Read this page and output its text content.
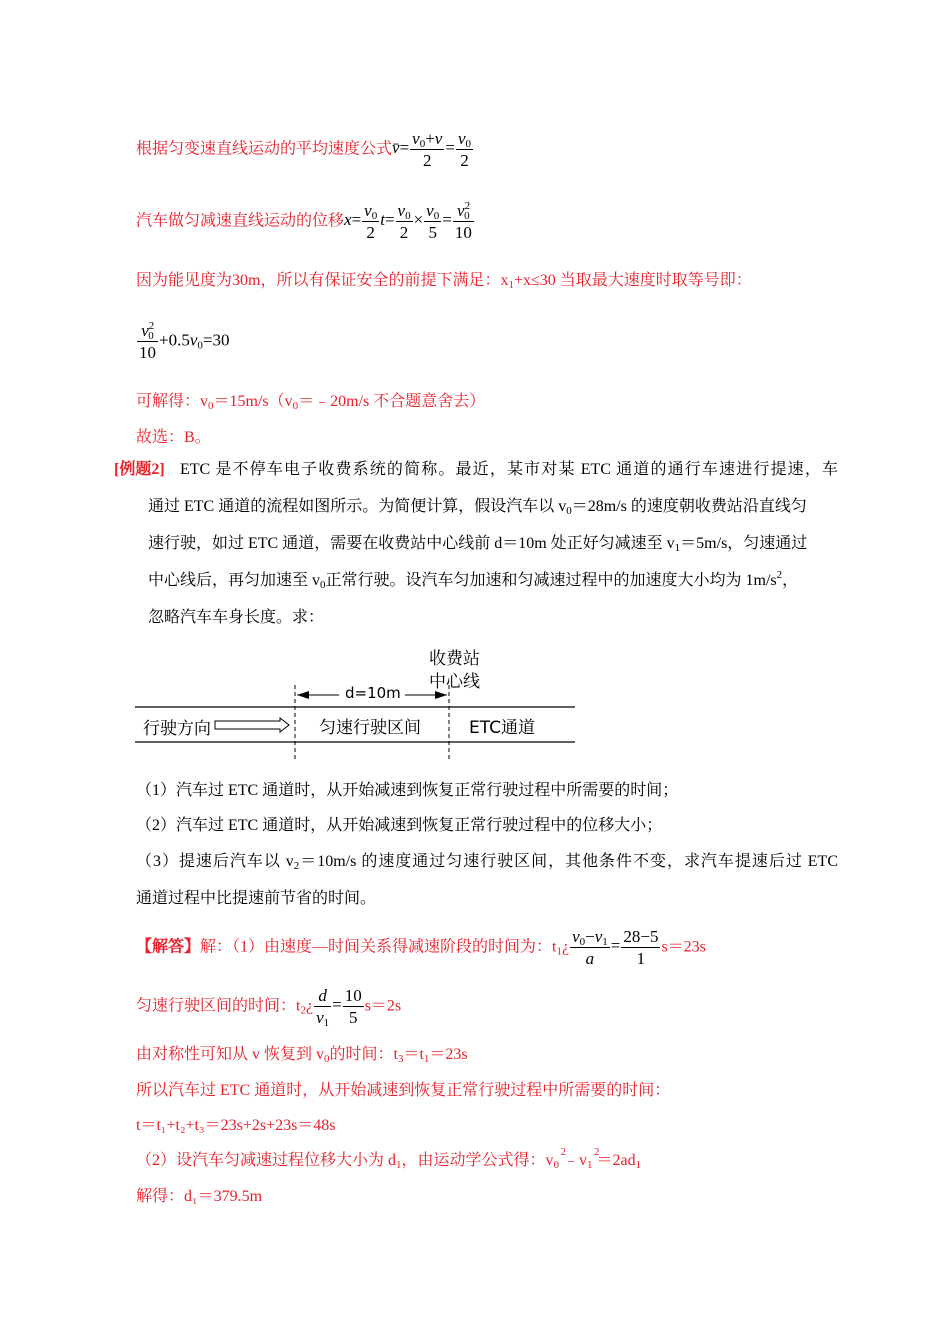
根据匀变速直线运动的平均速度公式v̄= $\frac{v_0+v}{2} = \frac{v_0}{2}$
汽车做匀减速直线运动的位移$x= \frac{v_0}{2} t= \frac{v_0}{2} \times \frac{v_0}{5} = \frac{v^2_0}{10}$
因为能见度为30m，所以有保证安全的前提下满足：$x_1+x\le 30$ 当取最大速度时取等号即：
$\frac{v^2_0}{10} +0.5v_0=30$
可解得：$v_0=15m/s(v_0=﹣20m/s$ 不合题意舍去）
故选：B。
[例题2] ETC 是不停车电子收费系统的简称。最近，某市对某 ETC 通道的通行车速进行提速，车
通过 ETC 通道的流程如图所示。为简便计算，假设汽车以 $v_0=28m/s$ 的速度朝收费站沿直线匀
速行驶，如过 ETC 通道，需要在收费站中心线前 d＝10m 处正好匀减速至 $v_1=5m/s$，匀速通过
中心线后，再匀加速至 $v_0$正常行驶。设汽车匀加速和匀减速过程中的加速度大小均为 $1m/s^2$，
忽略汽车车身长度。求：
收费站
中心线
d=10m
行驶方向	匀速行驶区间	ETC通道
（1）汽车过 ETC 通道时，从开始减速到恢复正常行驶过程中所需要的时间；
（2）汽车过 ETC 通道时，从开始减速到恢复正常行驶过程中的位移大小；
（3）提速后汽车以 $v_2=10m/s$ 的速度通过匀速行驶区间，其他条件不变，求汽车提速后过 ETC
通道过程中比提速前节省的时间。
【解答】解：（1）由速度—时间关系得减速阶段的时间为：$t_1¿ \frac{v_0-v_1}{a} = \frac{28-5}{1} s=23s$
匀速行驶区间的时间：$t_2¿ \frac{d}{v_1} = \frac{10}{5} s=2s$
由对称性可知从 v 恢复到 $v_0$的时间：$t_3=t_1=23s$
所以汽车过 ETC 通道时，从开始减速到恢复正常行驶过程中所需要的时间：
t＝t₁+t₂+t₃＝23s+2s+23s＝48s
（2）设汽车匀减速过程位移大小为 $d_1$，由运动学公式得：$v_0$
2
$﹣v_1$
2
$=2ad_1$
解得：d₁＝379.5m
